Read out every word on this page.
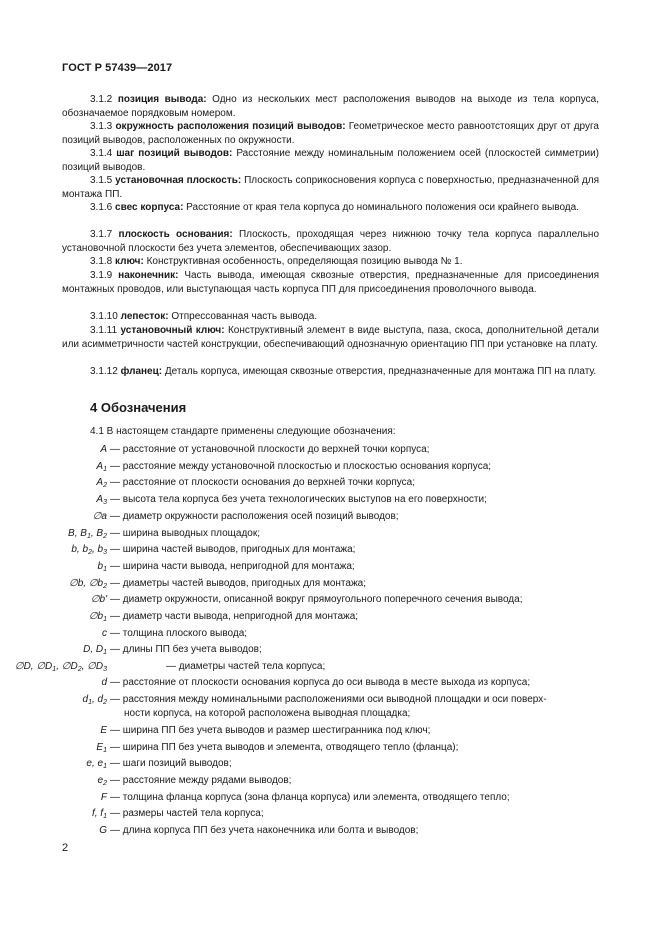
ГОСТ Р 57439—2017
3.1.2 позиция вывода: Одно из нескольких мест расположения выводов на выходе из тела корпуса, обозначаемое порядковым номером.
3.1.3 окружность расположения позиций выводов: Геометрическое место равноотстоящих друг от друга позиций выводов, расположенных по окружности.
3.1.4 шаг позиций выводов: Расстояние между номинальным положением осей (плоскостей симметрии) позиций выводов.
3.1.5 установочная плоскость: Плоскость соприкосновения корпуса с поверхностью, предназначенной для монтажа ПП.
3.1.6 свес корпуса: Расстояние от края тела корпуса до номинального положения оси крайнего вывода.
3.1.7 плоскость основания: Плоскость, проходящая через нижнюю точку тела корпуса параллельно установочной плоскости без учета элементов, обеспечивающих зазор.
3.1.8 ключ: Конструктивная особенность, определяющая позицию вывода № 1.
3.1.9 наконечник: Часть вывода, имеющая сквозные отверстия, предназначенные для присоединения монтажных проводов, или выступающая часть корпуса ПП для присоединения проволочного вывода.
3.1.10 лепесток: Отпрессованная часть вывода.
3.1.11 установочный ключ: Конструктивный элемент в виде выступа, паза, скоса, дополнительной детали или асимметричности частей конструкции, обеспечивающий однозначную ориентацию ПП при установке на плату.
3.1.12 фланец: Деталь корпуса, имеющая сквозные отверстия, предназначенные для монтажа ПП на плату.
4 Обозначения
4.1 В настоящем стандарте применены следующие обозначения:
A — расстояние от установочной плоскости до верхней точки корпуса;
$A_1$ — расстояние между установочной плоскостью и плоскостью основания корпуса;
$A_2$ — расстояние от плоскости основания до верхней точки корпуса;
$A_3$ — высота тела корпуса без учета технологических выступов на его поверхности;
∅a — диаметр окружности расположения осей позиций выводов;
B, $B_1$, $B_2$ — ширина выводных площадок;
b, $b_2$, $b_3$ — ширина частей выводов, пригодных для монтажа;
$b_1$ — ширина части вывода, непригодной для монтажа;
∅b, $\emptyset b_2$ — диаметры частей выводов, пригодных для монтажа;
∅b' — диаметр окружности, описанной вокруг прямоугольного поперечного сечения вывода;
$\emptyset b_1$ — диаметр части вывода, непригодной для монтажа;
c — толщина плоского вывода;
D, $D_1$ — длины ПП без учета выводов;
∅D, $\emptyset D_1$, $\emptyset D_2$, $\emptyset D_3$	— диаметры частей тела корпуса;
d — расстояние от плоскости основания корпуса до оси вывода в месте выхода из корпуса;
$d_1$, $d_2$ — расстояния между номинальными расположениями оси выводной площадки и оси поверх-
ности корпуса, на которой расположена выводная площадка;
E — ширина ПП без учета выводов и размер шестигранника под ключ;
$E_1$ — ширина ПП без учета выводов и элемента, отводящего тепло (фланца);
e, $e_1$ — шаги позиций выводов;
$e_2$ — расстояние между рядами выводов;
F — толщина фланца корпуса (зона фланца корпуса) или элемента, отводящего тепло;
f, $f_1$ — размеры частей тела корпуса;
G — длина корпуса ПП без учета наконечника или болта и выводов;
2
